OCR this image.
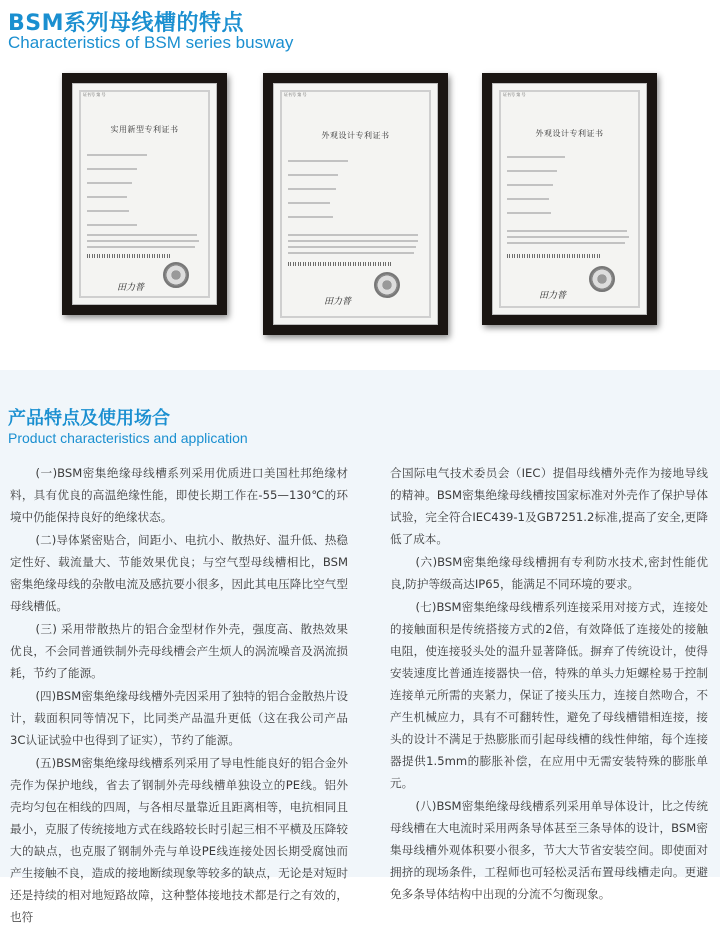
BSM系列母线槽的特点
Characteristics of BSM series busway
证书号 第 号
实用新型专利证书
田力普
证书号 第 号
外观设计专利证书
田力普
证书号 第 号
外观设计专利证书
田力普
产品特点及使用场合
Product characteristics and application

(一)BSM密集绝缘母线槽系列采用优质进口美国杜邦绝缘材料，具有优良的高温绝缘性能，即使长期工作在-55—130℃的环境中仍能保持良好的绝缘状态。

(二)导体紧密贴合，间距小、电抗小、散热好、温升低、热稳定性好、载流量大、节能效果优良；与空气型母线槽相比，BSM密集绝缘母线的杂散电流及感抗要小很多，因此其电压降比空气型母线槽低。

(三) 采用带散热片的铝合金型材作外壳，强度高、散热效果优良，不会同普通铁制外壳母线槽会产生烦人的涡流噪音及涡流损耗，节约了能源。

(四)BSM密集绝缘母线槽外壳因采用了独特的铝合金散热片设计，载面积同等情况下，比同类产品温升更低（这在我公司产品3C认证试验中也得到了证实），节约了能源。

(五)BSM密集绝缘母线槽系列采用了导电性能良好的铝合金外壳作为保护地线，省去了钢制外壳母线槽单独设立的PE线。铝外壳均匀包在相线的四周，与各相尽量靠近且距离相等，电抗相同且最小，克服了传统接地方式在线路较长时引起三相不平横及压降较大的缺点，也克服了钢制外壳与单设PE线连接处因长期受腐蚀而产生接触不良，造成的接地断续现象等较多的缺点，无论是对短时还是持续的相对地短路故障，这种整体接地技术都是行之有效的，也符

合国际电气技术委员会（IEC）提倡母线槽外壳作为接地导线的精神。BSM密集绝缘母线槽按国家标准对外壳作了保护导体试验，完全符合IEC439-1及GB7251.2标准,提高了安全,更降低了成本。

(六)BSM密集绝缘母线槽拥有专利防水技术,密封性能优良,防护等级高达IP65，能满足不同环境的要求。

(七)BSM密集绝缘母线槽系列连接采用对接方式，连接处的接触面积是传统搭接方式的2倍，有效降低了连接处的接触电阻，使连接驳头处的温升显著降低。摒弃了传统设计，使得安装速度比普通连接器快一倍，特殊的单头力矩螺栓易于控制连接单元所需的夹紧力，保证了接头压力，连接自然吻合，不产生机械应力，具有不可翻转性，避免了母线槽错相连接，接头的设计不满足于热膨胀而引起母线槽的线性伸缩，每个连接器提供1.5mm的膨胀补偿，在应用中无需安装特殊的膨胀单元。

(八)BSM密集绝缘母线槽系列采用单导体设计，比之传统母线槽在大电流时采用两条导体甚至三条导体的设计，BSM密集母线槽外观体积要小很多，节大大节省安装空间。即使面对拥挤的现场条件，工程师也可轻松灵活布置母线槽走向。更避免多条导体结构中出现的分流不匀衡现象。
